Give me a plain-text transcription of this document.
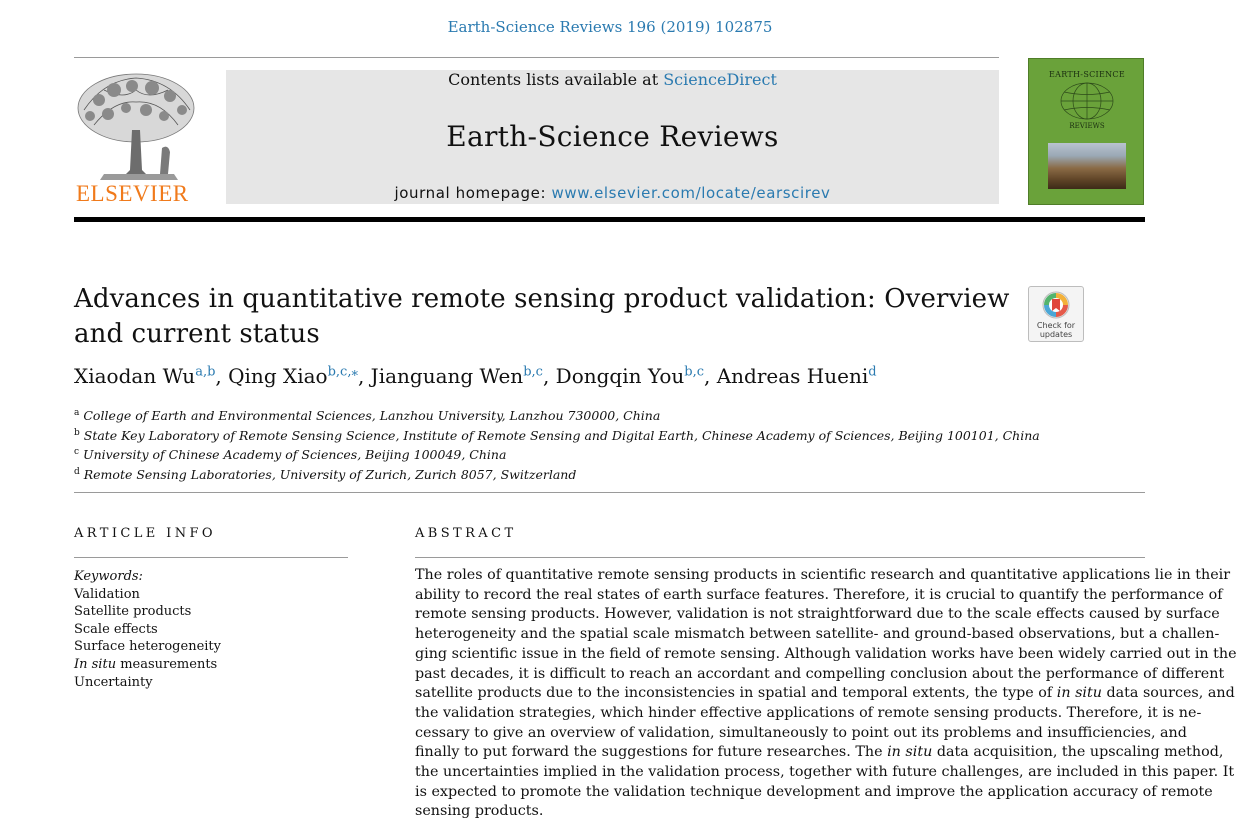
Earth-Science Reviews 196 (2019) 102875
ELSEVIER
Contents lists available at ScienceDirect
Earth-Science Reviews
journal homepage: www.elsevier.com/locate/earscirev
EARTH-SCIENCE
REVIEWS
Advances in quantitative remote sensing product validation: Overview and current status	Check for
updates
Xiaodan Wu$^{a,b}$, Qing Xiao$^{b,c,⁎}$, Jianguang Wen$^{b,c}$, Dongqin You$^{b,c}$, Andreas Hueni$^d$
$^a$ College of Earth and Environmental Sciences, Lanzhou University, Lanzhou 730000, China
$^b$ State Key Laboratory of Remote Sensing Science, Institute of Remote Sensing and Digital Earth, Chinese Academy of Sciences, Beijing 100101, China
$^c$ University of Chinese Academy of Sciences, Beijing 100049, China
$^d$ Remote Sensing Laboratories, University of Zurich, Zurich 8057, Switzerland
ARTICLE INFO
Keywords:
Validation
Satellite products
Scale effects
Surface heterogeneity
In situ measurements
Uncertainty
ABSTRACT
The roles of quantitative remote sensing products in scientific research and quantitative applications lie in their
ability to record the real states of earth surface features. Therefore, it is crucial to quantify the performance of
remote sensing products. However, validation is not straightforward due to the scale effects caused by surface
heterogeneity and the spatial scale mismatch between satellite- and ground-based observations, but a challen-
ging scientific issue in the field of remote sensing. Although validation works have been widely carried out in the
past decades, it is difficult to reach an accordant and compelling conclusion about the performance of different
satellite products due to the inconsistencies in spatial and temporal extents, the type of in situ data sources, and
the validation strategies, which hinder effective applications of remote sensing products. Therefore, it is ne-
cessary to give an overview of validation, simultaneously to point out its problems and insufficiencies, and
finally to put forward the suggestions for future researches. The in situ data acquisition, the upscaling method,
the uncertainties implied in the validation process, together with future challenges, are included in this paper. It
is expected to promote the validation technique development and improve the application accuracy of remote
sensing products.
